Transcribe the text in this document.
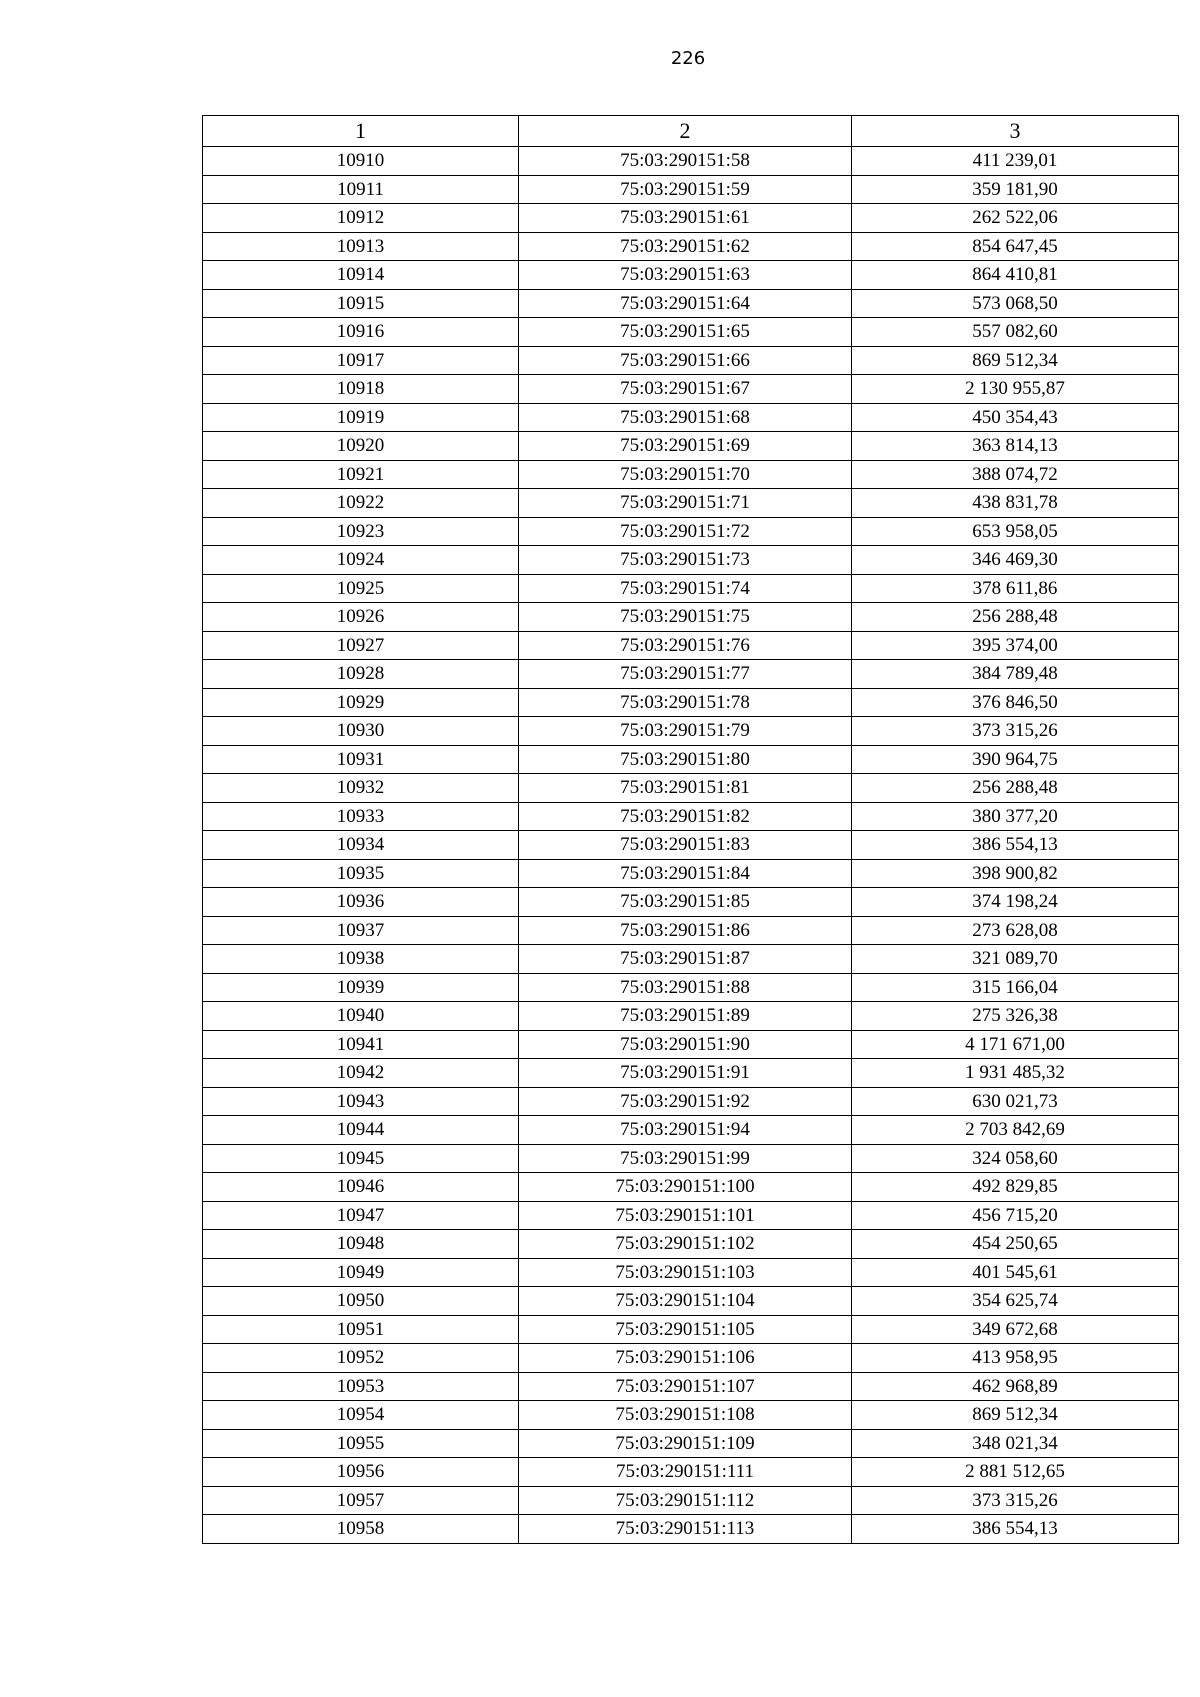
226
1	2	3
10910	75:03:290151:58	411 239,01
10911	75:03:290151:59	359 181,90
10912	75:03:290151:61	262 522,06
10913	75:03:290151:62	854 647,45
10914	75:03:290151:63	864 410,81
10915	75:03:290151:64	573 068,50
10916	75:03:290151:65	557 082,60
10917	75:03:290151:66	869 512,34
10918	75:03:290151:67	2 130 955,87
10919	75:03:290151:68	450 354,43
10920	75:03:290151:69	363 814,13
10921	75:03:290151:70	388 074,72
10922	75:03:290151:71	438 831,78
10923	75:03:290151:72	653 958,05
10924	75:03:290151:73	346 469,30
10925	75:03:290151:74	378 611,86
10926	75:03:290151:75	256 288,48
10927	75:03:290151:76	395 374,00
10928	75:03:290151:77	384 789,48
10929	75:03:290151:78	376 846,50
10930	75:03:290151:79	373 315,26
10931	75:03:290151:80	390 964,75
10932	75:03:290151:81	256 288,48
10933	75:03:290151:82	380 377,20
10934	75:03:290151:83	386 554,13
10935	75:03:290151:84	398 900,82
10936	75:03:290151:85	374 198,24
10937	75:03:290151:86	273 628,08
10938	75:03:290151:87	321 089,70
10939	75:03:290151:88	315 166,04
10940	75:03:290151:89	275 326,38
10941	75:03:290151:90	4 171 671,00
10942	75:03:290151:91	1 931 485,32
10943	75:03:290151:92	630 021,73
10944	75:03:290151:94	2 703 842,69
10945	75:03:290151:99	324 058,60
10946	75:03:290151:100	492 829,85
10947	75:03:290151:101	456 715,20
10948	75:03:290151:102	454 250,65
10949	75:03:290151:103	401 545,61
10950	75:03:290151:104	354 625,74
10951	75:03:290151:105	349 672,68
10952	75:03:290151:106	413 958,95
10953	75:03:290151:107	462 968,89
10954	75:03:290151:108	869 512,34
10955	75:03:290151:109	348 021,34
10956	75:03:290151:111	2 881 512,65
10957	75:03:290151:112	373 315,26
10958	75:03:290151:113	386 554,13
